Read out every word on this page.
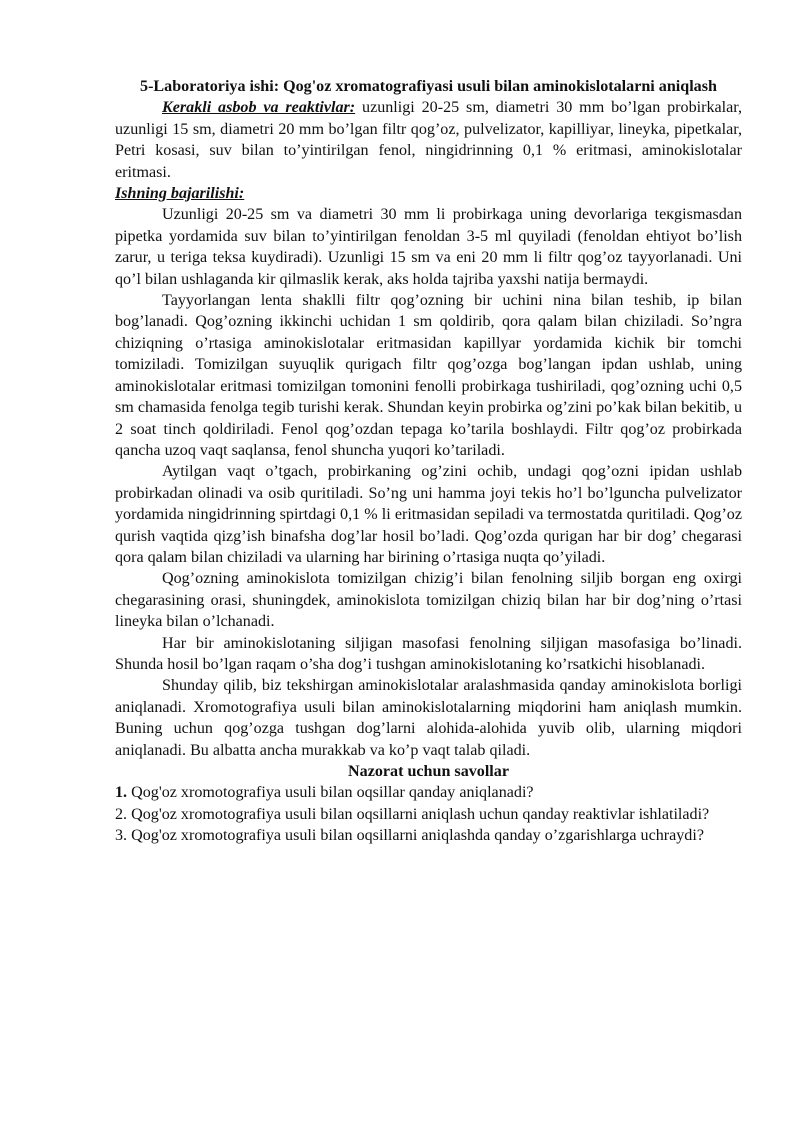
5-Laboratoriya ishi: Qog'oz xromatografiyasi usuli bilan aminokislotalarni aniqlash

Kerakli asbob va reaktivlar: uzunligi 20-25 sm, diametri 30 mm bo’lgan probirkalar, uzunligi 15 sm, diametri 20 mm bo’lgan filtr qog’oz, pulvelizator, kapilliyar, lineyka, pipetkalar, Petri kosasi, suv bilan to’yintirilgan fenol, ningidrinning 0,1 % eritmasi, aminokislotalar eritmasi.

Ishning bajarilishi:

Uzunligi 20-25 sm va diametri 30 mm li probirkaga uning devorlariga teкgismasdan pipetka yordamida suv bilan to’yintirilgan fenoldan 3-5 ml quyiladi (fenoldan ehtiyot bo’lish zarur, u teriga teksa kuydiradi). Uzunligi 15 sm va eni 20 mm li filtr qog’oz tayyorlanadi. Uni qo’l bilan ushlaganda kir qilmaslik kerak, aks holda tajriba yaxshi natija bermaydi.

Tayyorlangan lenta shaklli filtr qog’ozning bir uchini nina bilan teshib, ip bilan bog’lanadi. Qog’ozning ikkinchi uchidan 1 sm qoldirib, qora qalam bilan chiziladi. So’ngra chiziqning o’rtasiga aminokislotalar eritmasidan kapillyar yordamida kichik bir tomchi tomiziladi. Tomizilgan suyuqlik qurigach filtr qog’ozga bog’langan ipdan ushlab, uning aminokislotalar eritmasi tomizilgan tomonini fenolli probirkaga tushiriladi, qog’ozning uchi 0,5 sm chamasida fenolga tegib turishi kerak. Shundan keyin probirka og’zini po’kak bilan bekitib, u 2 soat tinch qoldiriladi. Fenol qog’ozdan tepaga ko’tarila boshlaydi. Filtr qog’oz probirkada qancha uzoq vaqt saqlansa, fenol shuncha yuqori ko’tariladi.

Aytilgan vaqt o’tgach, probirkaning og’zini ochib, undagi qog’ozni ipidan ushlab probirkadan olinadi va osib quritiladi. So’ng uni hamma joyi tekis ho’l bo’lguncha pulvelizator yordamida ningidrinning spirtdagi 0,1 % li eritmasidan sepiladi va termostatda quritiladi. Qog’oz qurish vaqtida qizg’ish binafsha dog’lar hosil bo’ladi. Qog’ozda qurigan har bir dog’ chegarasi qora qalam bilan chiziladi va ularning har birining o’rtasiga nuqta qo’yiladi.

Qog’ozning aminokislota tomizilgan chizig’i bilan fenolning siljib borgan eng oxirgi chegarasining orasi, shuningdek, aminokislota tomizilgan chiziq bilan har bir dog’ning o’rtasi lineyka bilan o’lchanadi.

Har bir aminokislotaning siljigan masofasi fenolning siljigan masofasiga bo’linadi. Shunda hosil bo’lgan raqam o’sha dog’i tushgan aminokislotaning ko’rsatkichi hisoblanadi.

Shunday qilib, biz tekshirgan aminokislotalar aralashmasida qanday aminokislota borligi aniqlanadi. Xromotografiya usuli bilan aminokislotalarning miqdorini ham aniqlash mumkin. Buning uchun qog’ozga tushgan dog’larni alohida-alohida yuvib olib, ularning miqdori aniqlanadi. Bu albatta ancha murakkab va ko’p vaqt talab qiladi.

Nazorat uchun savollar

1. Qog'oz xromotografiya usuli bilan oqsillar qanday aniqlanadi?

2. Qog'oz xromotografiya usuli bilan oqsillarni aniqlash uchun qanday reaktivlar ishlatiladi?

3. Qog'oz xromotografiya usuli bilan oqsillarni aniqlashda qanday o’zgarishlarga uchraydi?
